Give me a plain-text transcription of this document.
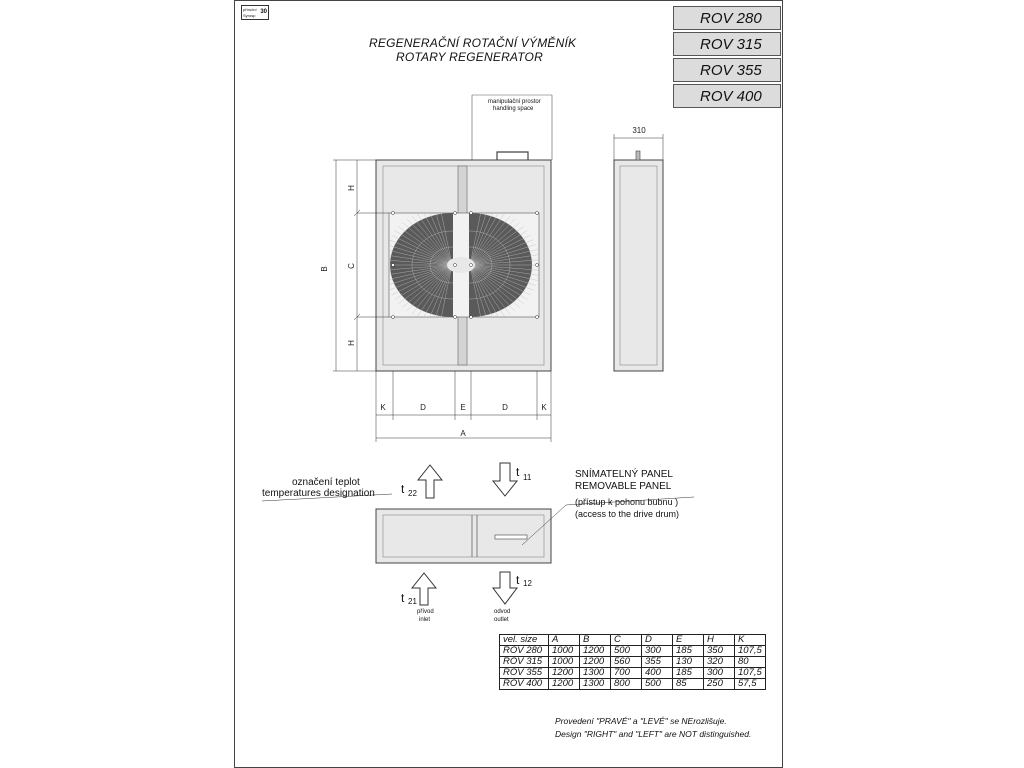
příruční
Syrosp
30
REGENERAČNÍ ROTAČNÍ VÝMĚNÍK
ROTARY REGENERATOR
ROV 280
ROV 315
ROV 355
ROV 400
B
H
C
H
K	D	E	D	K
A
310
manipulační prostor
handling space
označení teplot
temperatures designation t 22
t 11
t 21
t 12
SNÍMATELNÝ PANEL
REMOVABLE PANEL
(přístup k pohonu bubnu )
(access to the drive drum)
přívod
inlet
odvod
outlet
vel. size	A	B	C	D	E	H	K
ROV 280	1000	1200	500	300	185	350	107,5
ROV 315	1000	1200	560	355	130	320	80
ROV 355	1200	1300	700	400	185	300	107,5
ROV 400	1200	1300	800	500	85	250	57,5
Provedení "PRAVÉ" a "LEVÉ" se NErozlišuje.
Design "RIGHT" and "LEFT" are NOT distinguished.
